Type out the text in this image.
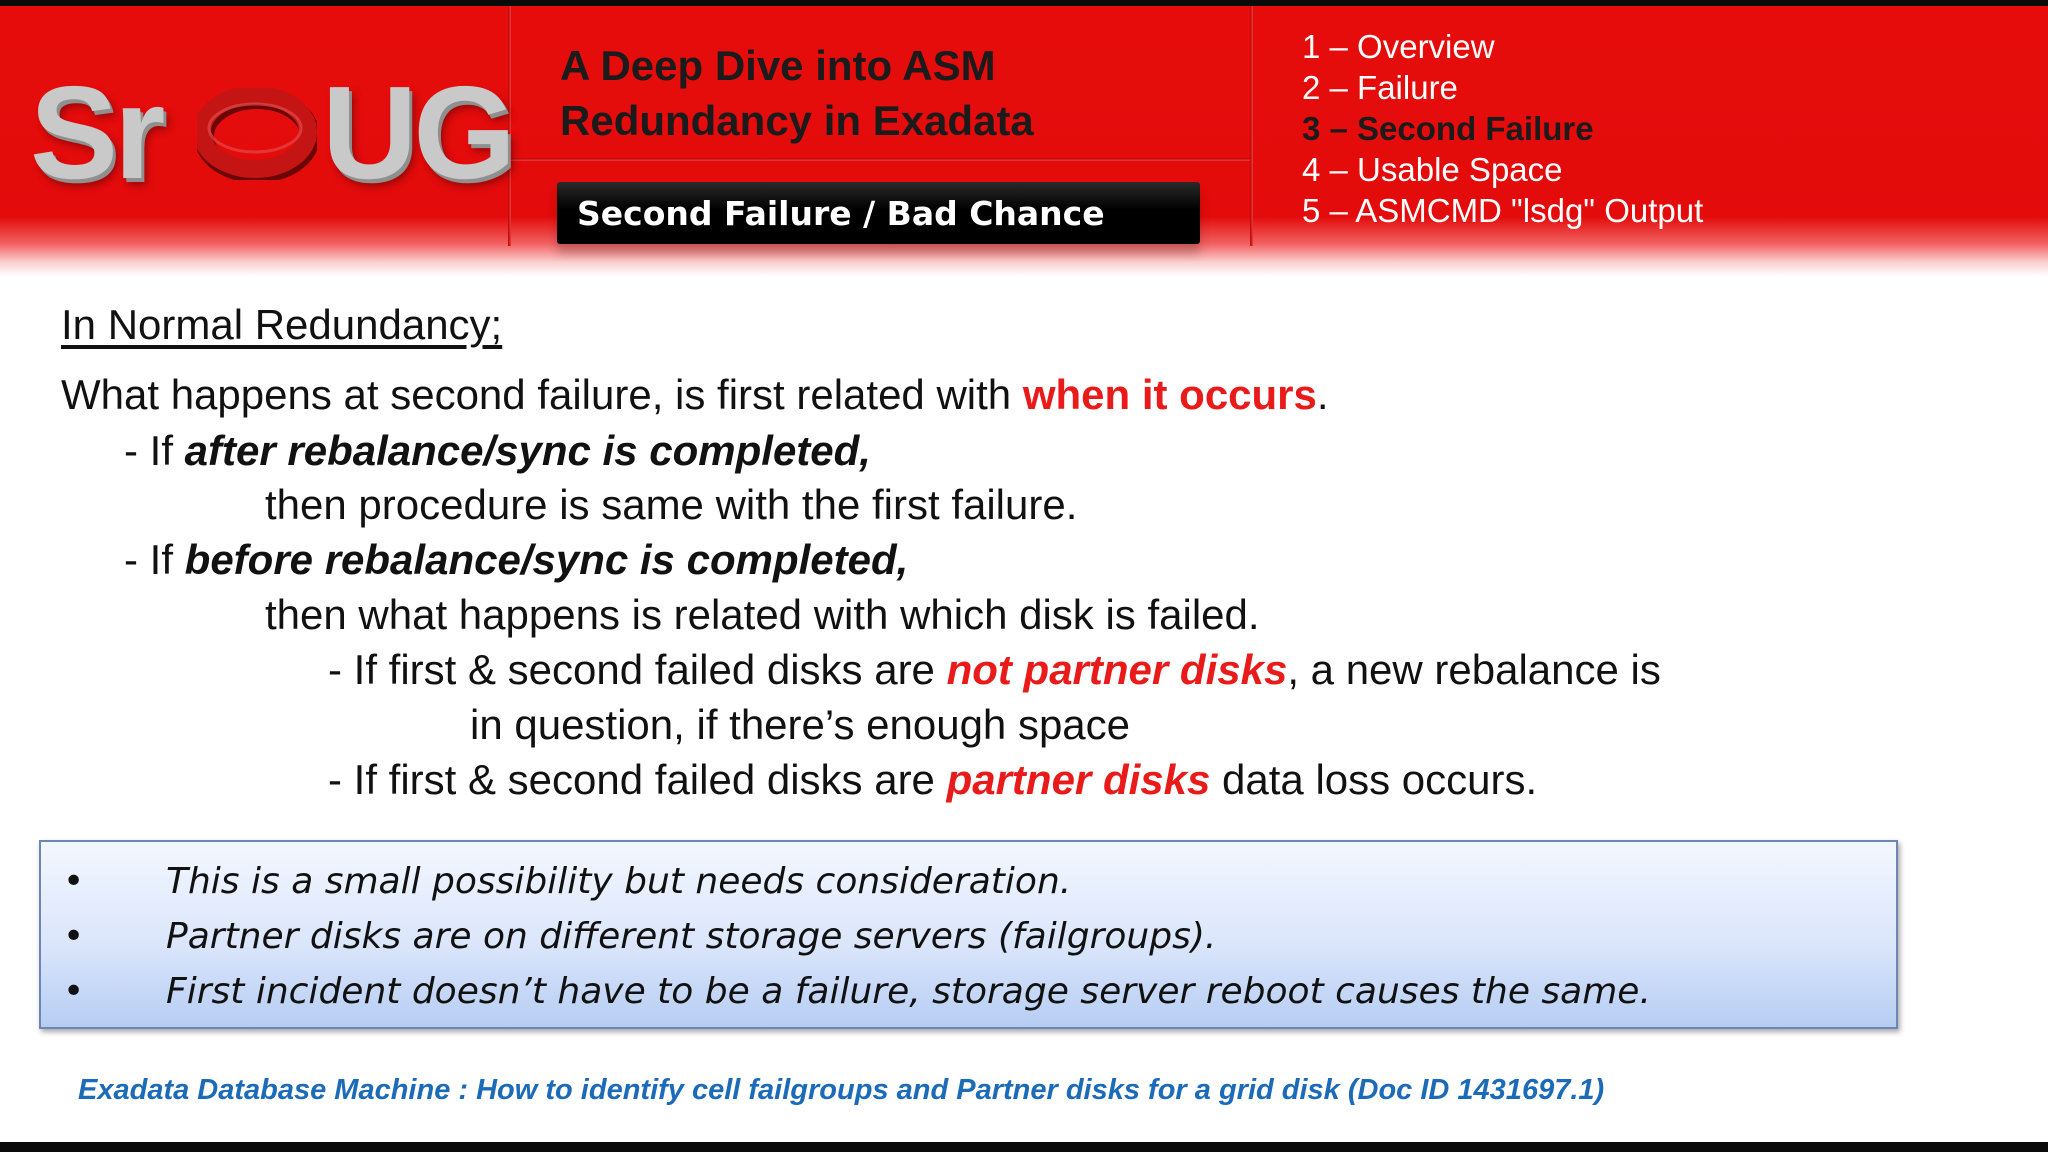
Sr UG A Deep Dive into ASM
Redundancy in Exadata
Second Failure / Bad Chance
1 – Overview
2 – Failure
3 – Second Failure
4 – Usable Space
5 – ASMCMD "lsdg" Output
In Normal Redundancy;
What happens at second failure, is first related with when it occurs.
- If after rebalance/sync is completed,
then procedure is same with the first failure.
- If before rebalance/sync is completed,
then what happens is related with which disk is failed.
- If first & second failed disks are not partner disks, a new rebalance is
in question, if there’s enough space
- If first & second failed disks are partner disks data loss occurs.
• This is a small possibility but needs consideration.
• Partner disks are on different storage servers (failgroups).
• First incident doesn’t have to be a failure, storage server reboot causes the same.
Exadata Database Machine : How to identify cell failgroups and Partner disks for a grid disk (Doc ID 1431697.1)
